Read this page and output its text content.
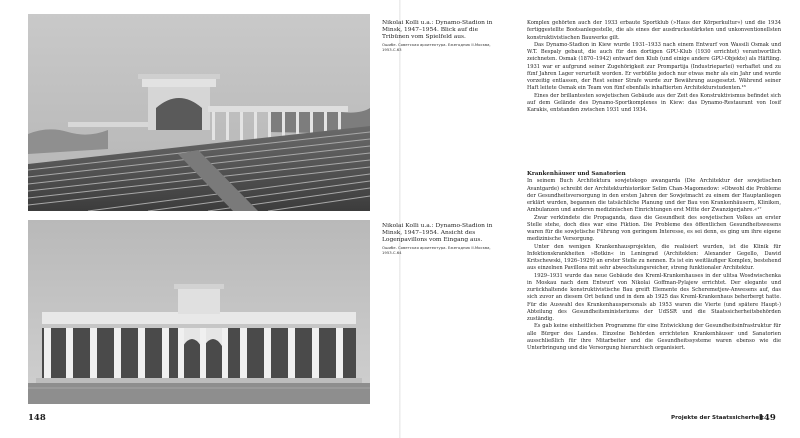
Nikolai Kolli u.a.: Dynamo-Stadion in Minsk, 1947–1954. Blick auf die Tribünen vom Spielfeld aus.
Ошибе. Советская архитектура. Ежегодник II.Москва, 1953.С.63
Nikolai Kolli u.a.: Dynamo-Stadion in Minsk, 1947–1954. Ansicht des Logenpavillons vom Eingang aus.
Ошибе. Советская архитектура. Ежегодник II.Москва, 1953.С.64

Komplex gehörten auch der 1933 erbaute Sportklub (»Haus der Körperkultur«) und die 1934 fertiggestellte Bootsanlegestelle, die als eines der ausdrucksstärksten und unkonventionellsten konstruktivistischen Bauwerke gilt.

Das Dynamo-Stadion in Kiew wurde 1931–1933 nach einem Entwurf von Wassili Osmak und W.T. Bespaly gebaut, die auch für den dortigen GPU-Klub (1930 errichtet) verantwortlich zeichneten. Osmak (1870–1942) entwarf den Klub (und einige andere GPU-Objekte) als Häftling. 1931 war er aufgrund seiner Zugehörigkeit zur Prompartija (Industriepartei) verhaftet und zu fünf Jahren Lager verurteilt worden. Er verbüßte jedoch nur etwas mehr als ein Jahr und wurde vorzeitig entlassen, der Rest seiner Strafe wurde zur Bewährung ausgesetzt. Während seiner Haft leitete Osmak ein Team von fünf ebenfalls inhaftierten Architekturstudenten.¹⁶

Eines der brillantesten sowjetischen Gebäude aus der Zeit des Konstruktivismus befindet sich auf dem Gelände des Dynamo-Sportkomplexes in Kiew: das Dynamo-Restaurant von Iosif Karakis, entstanden zwischen 1931 und 1934.

Krankenhäuser und Sanatorien

In seinem Buch Architektura sowjetskogo awangarda (Die Architektur der sowjetischen Avantgarde) schreibt der Architekturhistoriker Selim Chan-Magomedow: »Obwohl die Probleme der Gesundheitsversorgung in den ersten Jahren der Sowjetmacht zu einem der Hauptanliegen erklärt wurden, begannen die tatsächliche Planung und der Bau von Krankenhäusern, Kliniken, Ambulanzen und anderen medizinischen Einrichtungen erst Mitte der Zwanzigerjahre.«¹⁷

Zwar verkündete die Propaganda, dass die Gesundheit des sowjetischen Volkes an erster Stelle stehe, doch dies war eine Fiktion. Die Probleme des öffentlichen Gesundheitswesens waren für die sowjetische Führung von geringem Interesse, es sei denn, es ging um ihre eigene medizinische Versorgung.

Unter den wenigen Krankenhausprojekten, die realisiert wurden, ist die Klinik für Infektionskrankheiten »Botkin« in Leningrad (Architekten: Alexander Gegello, Dawid Kritschewski, 1926–1929) an erster Stelle zu nennen. Es ist ein weitläufiger Komplex, bestehend aus einzelnen Pavillons mit sehr abwechslungsreicher, streng funktionaler Architektur.

1929–1931 wurde das neue Gebäude des Kreml-Krankenhauses in der ulitsa Wosdwischenka in Moskau nach dem Entwurf von Nikolai Goffman-Pylajew errichtet. Der elegante und zurückhaltende konstruktivistische Bau greift Elemente des Scheremetjew-Anwesens auf, das sich zuvor an diesem Ort befand und in dem ab 1925 das Kreml-Krankenhaus beherbergt hatte. Für die Auswahl des Krankenhauspersonals ab 1953 waren die Vierte (und spätere Haupt-) Abteilung des Gesundheitsministeriums der UdSSR und die Staatssicherheitsbehörden zuständig.

Es gab keine einheitlichen Programme für eine Entwicklung der Gesundheitsinfrastruktur für alle Bürger des Landes. Einzelne Behörden errichteten Krankenhäuser und Sanatorien ausschließlich für ihre Mitarbeiter und die Gesundheitssysteme waren ebenso wie die Unterbringung und die Versorgung hierarchisch organisiert.

148	Projekte der Staatssicherheit
149
